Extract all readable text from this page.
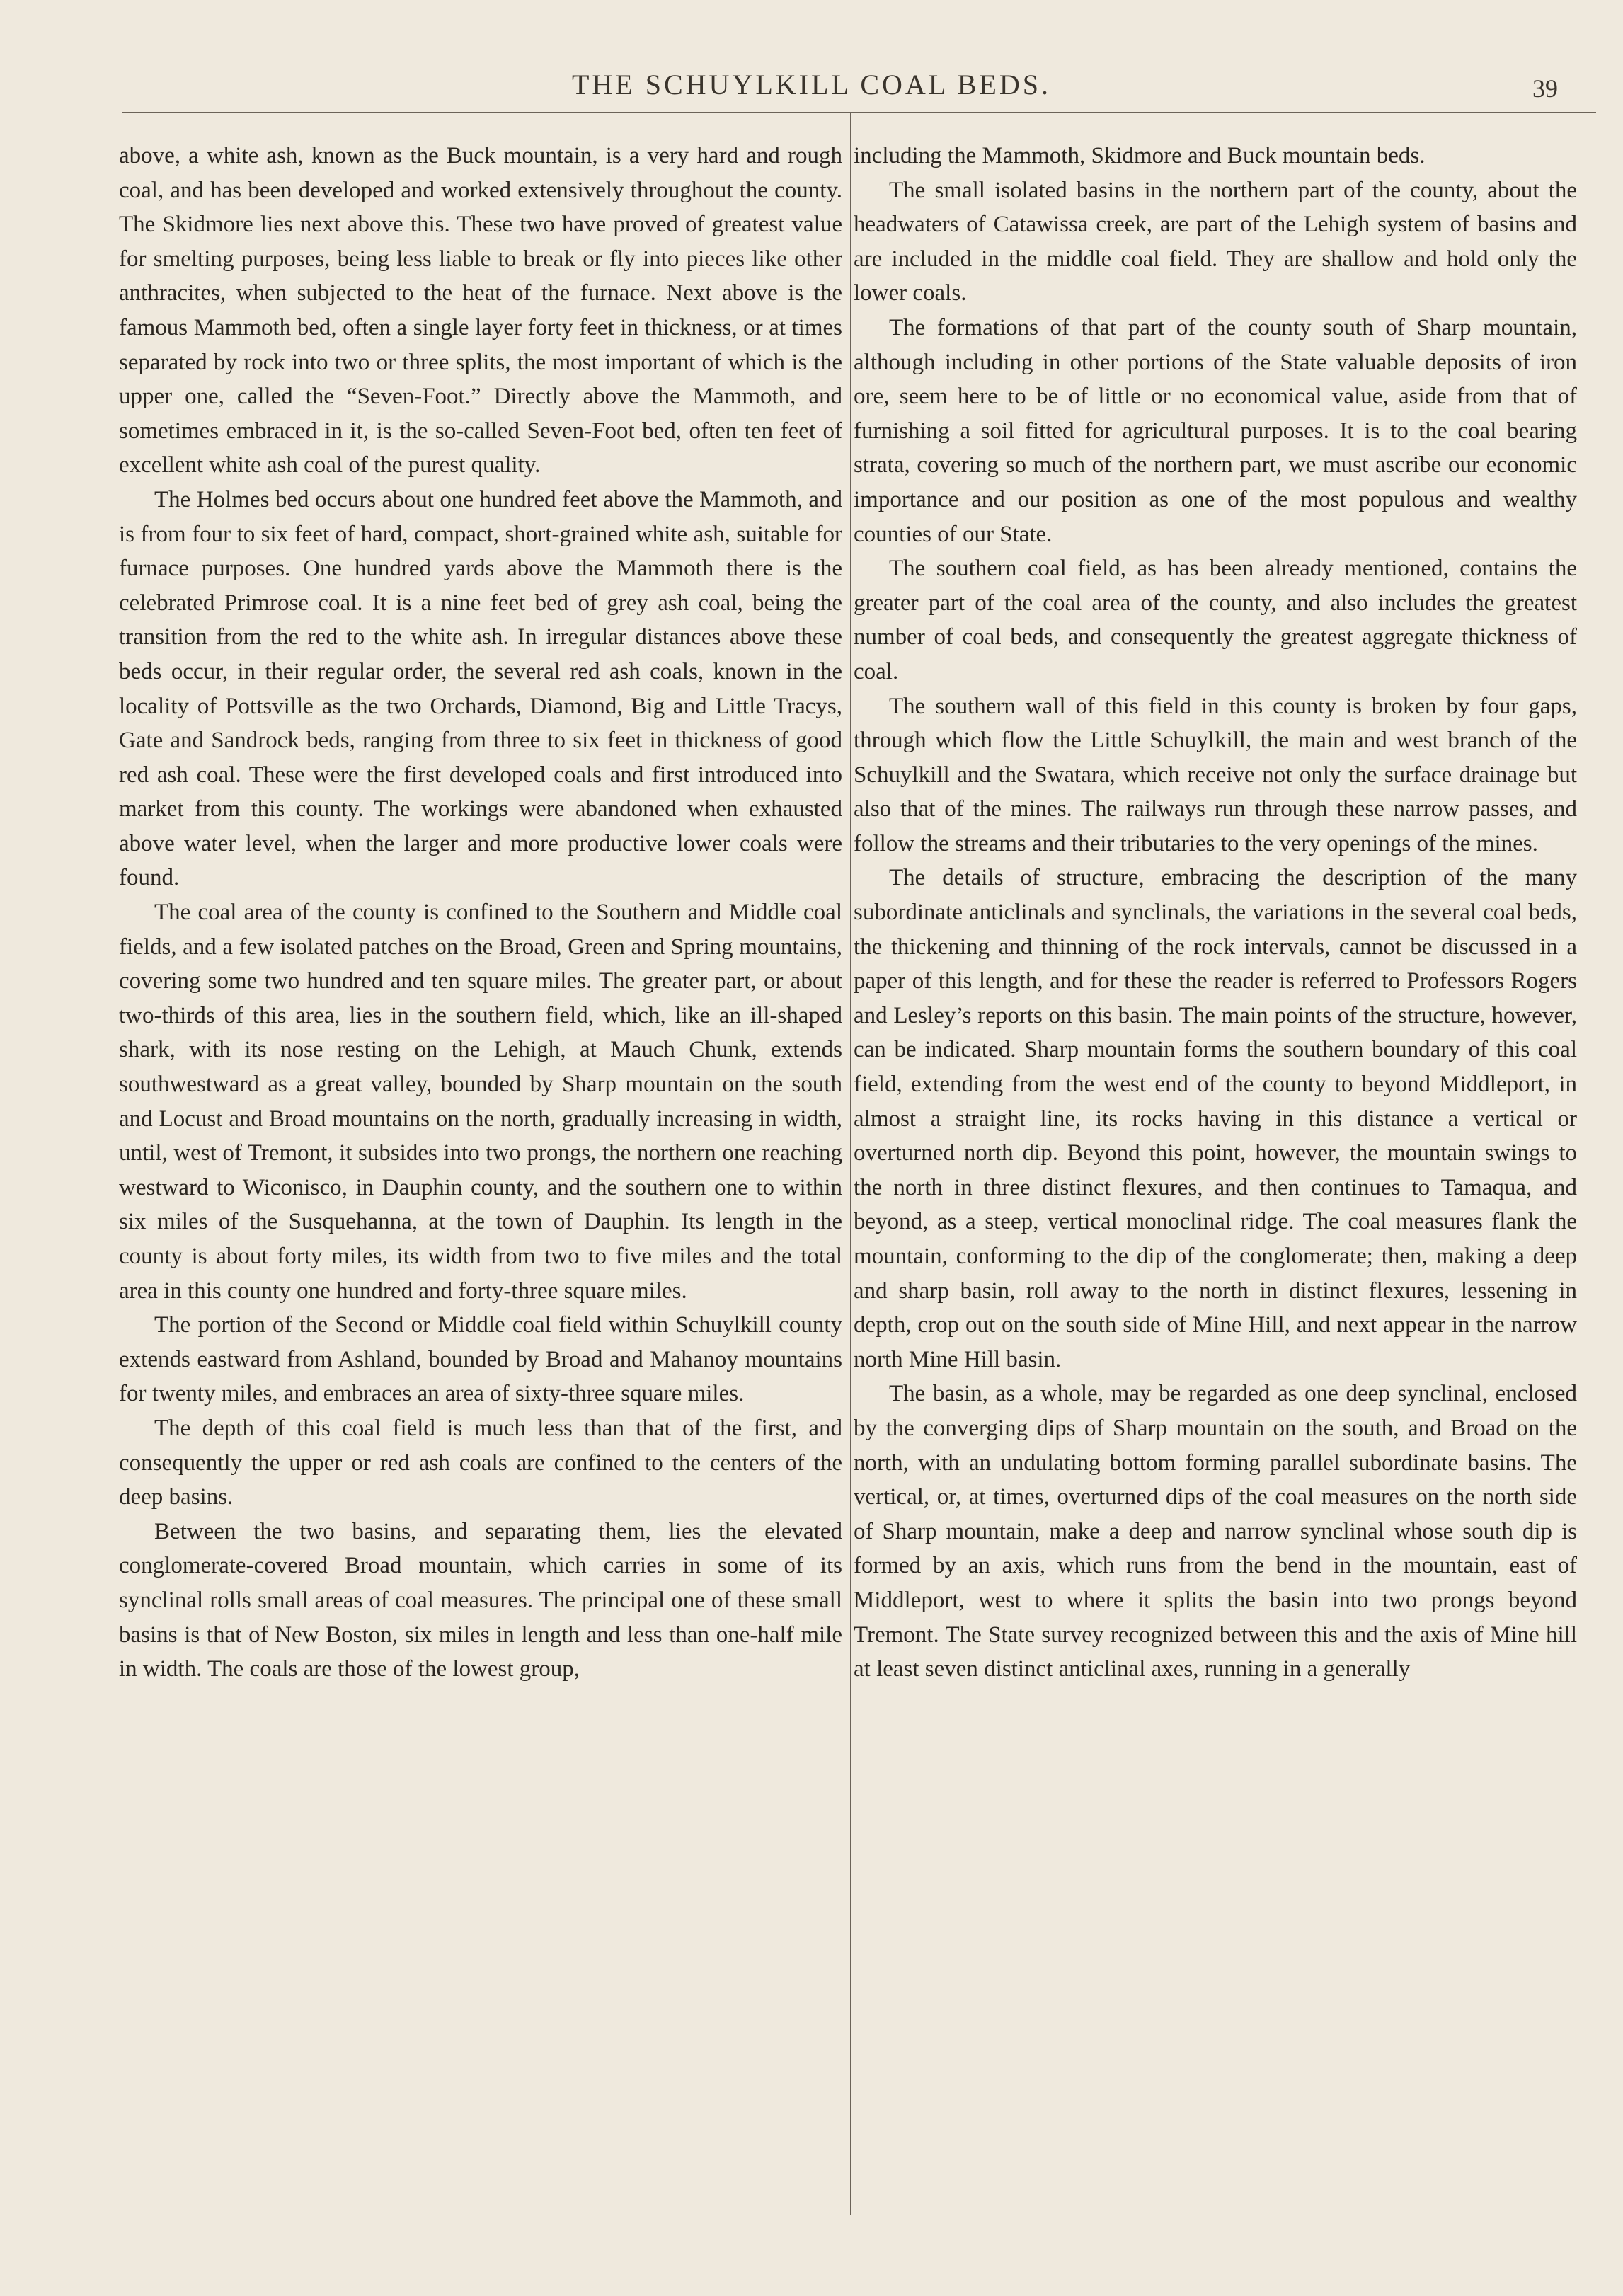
THE SCHUYLKILL COAL BEDS.	39

above, a white ash, known as the Buck mountain, is a very hard and rough coal, and has been developed and worked extensively throughout the county. The Skidmore lies next above this. These two have proved of greatest value for smelting purposes, being less liable to break or fly into pieces like other anthracites, when subjected to the heat of the furnace. Next above is the famous Mammoth bed, often a single layer forty feet in thickness, or at times separated by rock into two or three splits, the most important of which is the upper one, called the “Seven-Foot.” Directly above the Mammoth, and sometimes embraced in it, is the so-called Seven-Foot bed, often ten feet of excellent white ash coal of the purest quality.

The Holmes bed occurs about one hundred feet above the Mammoth, and is from four to six feet of hard, compact, short-grained white ash, suitable for furnace purposes. One hundred yards above the Mammoth there is the celebrated Primrose coal. It is a nine feet bed of grey ash coal, being the transition from the red to the white ash. In irregular distances above these beds occur, in their regular order, the several red ash coals, known in the locality of Pottsville as the two Orchards, Diamond, Big and Little Tracys, Gate and Sandrock beds, ranging from three to six feet in thickness of good red ash coal. These were the first developed coals and first introduced into market from this county. The workings were abandoned when exhausted above water level, when the larger and more productive lower coals were found.

The coal area of the county is confined to the Southern and Middle coal fields, and a few isolated patches on the Broad, Green and Spring mountains, covering some two hundred and ten square miles. The greater part, or about two-thirds of this area, lies in the southern field, which, like an ill-shaped shark, with its nose resting on the Lehigh, at Mauch Chunk, extends southwestward as a great valley, bounded by Sharp mountain on the south and Locust and Broad mountains on the north, gradually increasing in width, until, west of Tremont, it subsides into two prongs, the northern one reaching westward to Wiconisco, in Dauphin county, and the southern one to within six miles of the Susquehanna, at the town of Dauphin. Its length in the county is about forty miles, its width from two to five miles and the total area in this county one hundred and forty-three square miles.

The portion of the Second or Middle coal field within Schuylkill county extends eastward from Ashland, bounded by Broad and Mahanoy mountains for twenty miles, and embraces an area of sixty-three square miles.

The depth of this coal field is much less than that of the first, and consequently the upper or red ash coals are confined to the centers of the deep basins.

Between the two basins, and separating them, lies the elevated conglomerate-covered Broad mountain, which carries in some of its synclinal rolls small areas of coal measures. The principal one of these small basins is that of New Boston, six miles in length and less than one-half mile in width. The coals are those of the lowest group,

including the Mammoth, Skidmore and Buck mountain beds.

The small isolated basins in the northern part of the county, about the headwaters of Catawissa creek, are part of the Lehigh system of basins and are included in the middle coal field. They are shallow and hold only the lower coals.

The formations of that part of the county south of Sharp mountain, although including in other portions of the State valuable deposits of iron ore, seem here to be of little or no economical value, aside from that of furnishing a soil fitted for agricultural purposes. It is to the coal bearing strata, covering so much of the northern part, we must ascribe our economic importance and our position as one of the most populous and wealthy counties of our State.

The southern coal field, as has been already mentioned, contains the greater part of the coal area of the county, and also includes the greatest number of coal beds, and consequently the greatest aggregate thickness of coal.

The southern wall of this field in this county is broken by four gaps, through which flow the Little Schuylkill, the main and west branch of the Schuylkill and the Swatara, which receive not only the surface drainage but also that of the mines. The railways run through these narrow passes, and follow the streams and their tributaries to the very openings of the mines.

The details of structure, embracing the description of the many subordinate anticlinals and synclinals, the variations in the several coal beds, the thickening and thinning of the rock intervals, cannot be discussed in a paper of this length, and for these the reader is referred to Professors Rogers and Lesley’s reports on this basin. The main points of the structure, however, can be indicated. Sharp mountain forms the southern boundary of this coal field, extending from the west end of the county to beyond Middleport, in almost a straight line, its rocks having in this distance a vertical or overturned north dip. Beyond this point, however, the mountain swings to the north in three distinct flexures, and then continues to Tamaqua, and beyond, as a steep, vertical monoclinal ridge. The coal measures flank the mountain, conforming to the dip of the conglomerate; then, making a deep and sharp basin, roll away to the north in distinct flexures, lessening in depth, crop out on the south side of Mine Hill, and next appear in the narrow north Mine Hill basin.

The basin, as a whole, may be regarded as one deep synclinal, enclosed by the converging dips of Sharp mountain on the south, and Broad on the north, with an undulating bottom forming parallel subordinate basins. The vertical, or, at times, overturned dips of the coal measures on the north side of Sharp mountain, make a deep and narrow synclinal whose south dip is formed by an axis, which runs from the bend in the mountain, east of Middleport, west to where it splits the basin into two prongs beyond Tremont. The State survey recognized between this and the axis of Mine hill at least seven distinct anticlinal axes, running in a generally
